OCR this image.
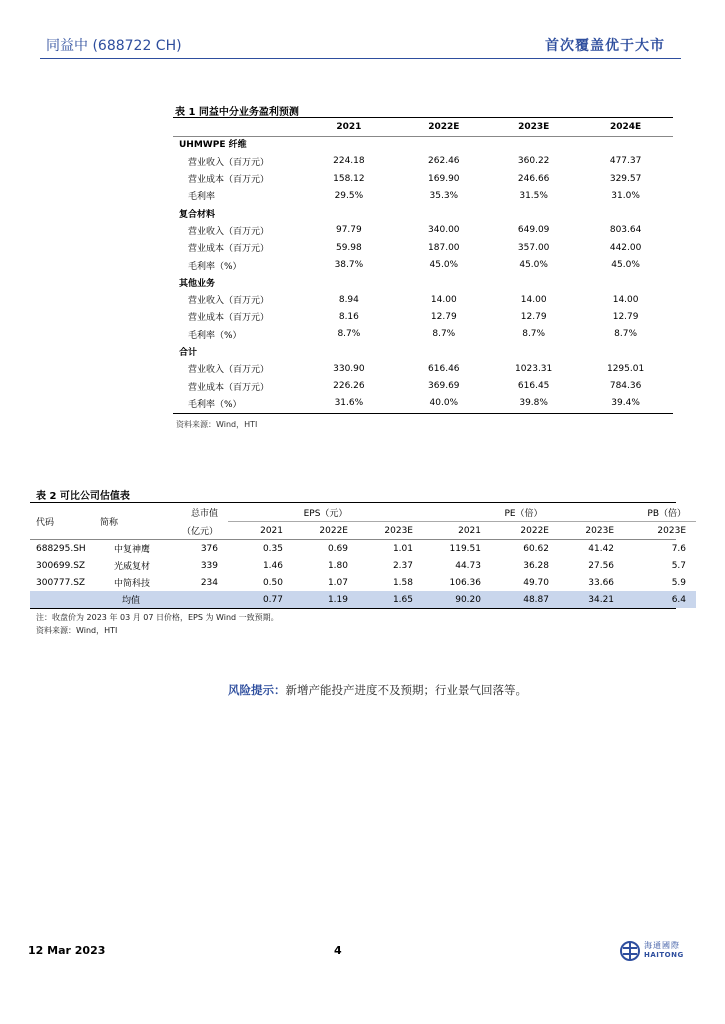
同益中 (688722 CH)	首次覆盖优于大市
表 1 同益中分业务盈利预测
	2021	2022E	2023E	2024E
UHMWPE 纤维				
营业收入（百万元）	224.18	262.46	360.22	477.37
营业成本（百万元）	158.12	169.90	246.66	329.57
毛利率	29.5%	35.3%	31.5%	31.0%
复合材料				
营业收入（百万元）	97.79	340.00	649.09	803.64
营业成本（百万元）	59.98	187.00	357.00	442.00
毛利率（%）	38.7%	45.0%	45.0%	45.0%
其他业务				
营业收入（百万元）	8.94	14.00	14.00	14.00
营业成本（百万元）	8.16	12.79	12.79	12.79
毛利率（%）	8.7%	8.7%	8.7%	8.7%
合计				
营业收入（百万元）	330.90	616.46	1023.31	1295.01
营业成本（百万元）	226.26	369.69	616.45	784.36
毛利率（%）	31.6%	40.0%	39.8%	39.4%
资料来源：Wind，HTI
表 2 可比公司估值表
代码	简称	总市值	EPS（元）			PE（倍）			PB（倍）
		（亿元）	2021	2022E	2023E	2021	2022E	2023E	2023E
688295.SH	中复神鹰	376	0.35	0.69	1.01	119.51	60.62	41.42	7.6
300699.SZ	光威复材	339	1.46	1.80	2.37	44.73	36.28	27.56	5.7
300777.SZ	中简科技	234	0.50	1.07	1.58	106.36	49.70	33.66	5.9
	均值		0.77	1.19	1.65	90.20	48.87	34.21	6.4
注：收盘价为 2023 年 03 月 07 日价格，EPS 为 Wind 一致预期。
资料来源：Wind，HTI
风险提示：新增产能投产进度不及预期；行业景气回落等。
12 Mar 2023	4	海通國際
HAITONG
